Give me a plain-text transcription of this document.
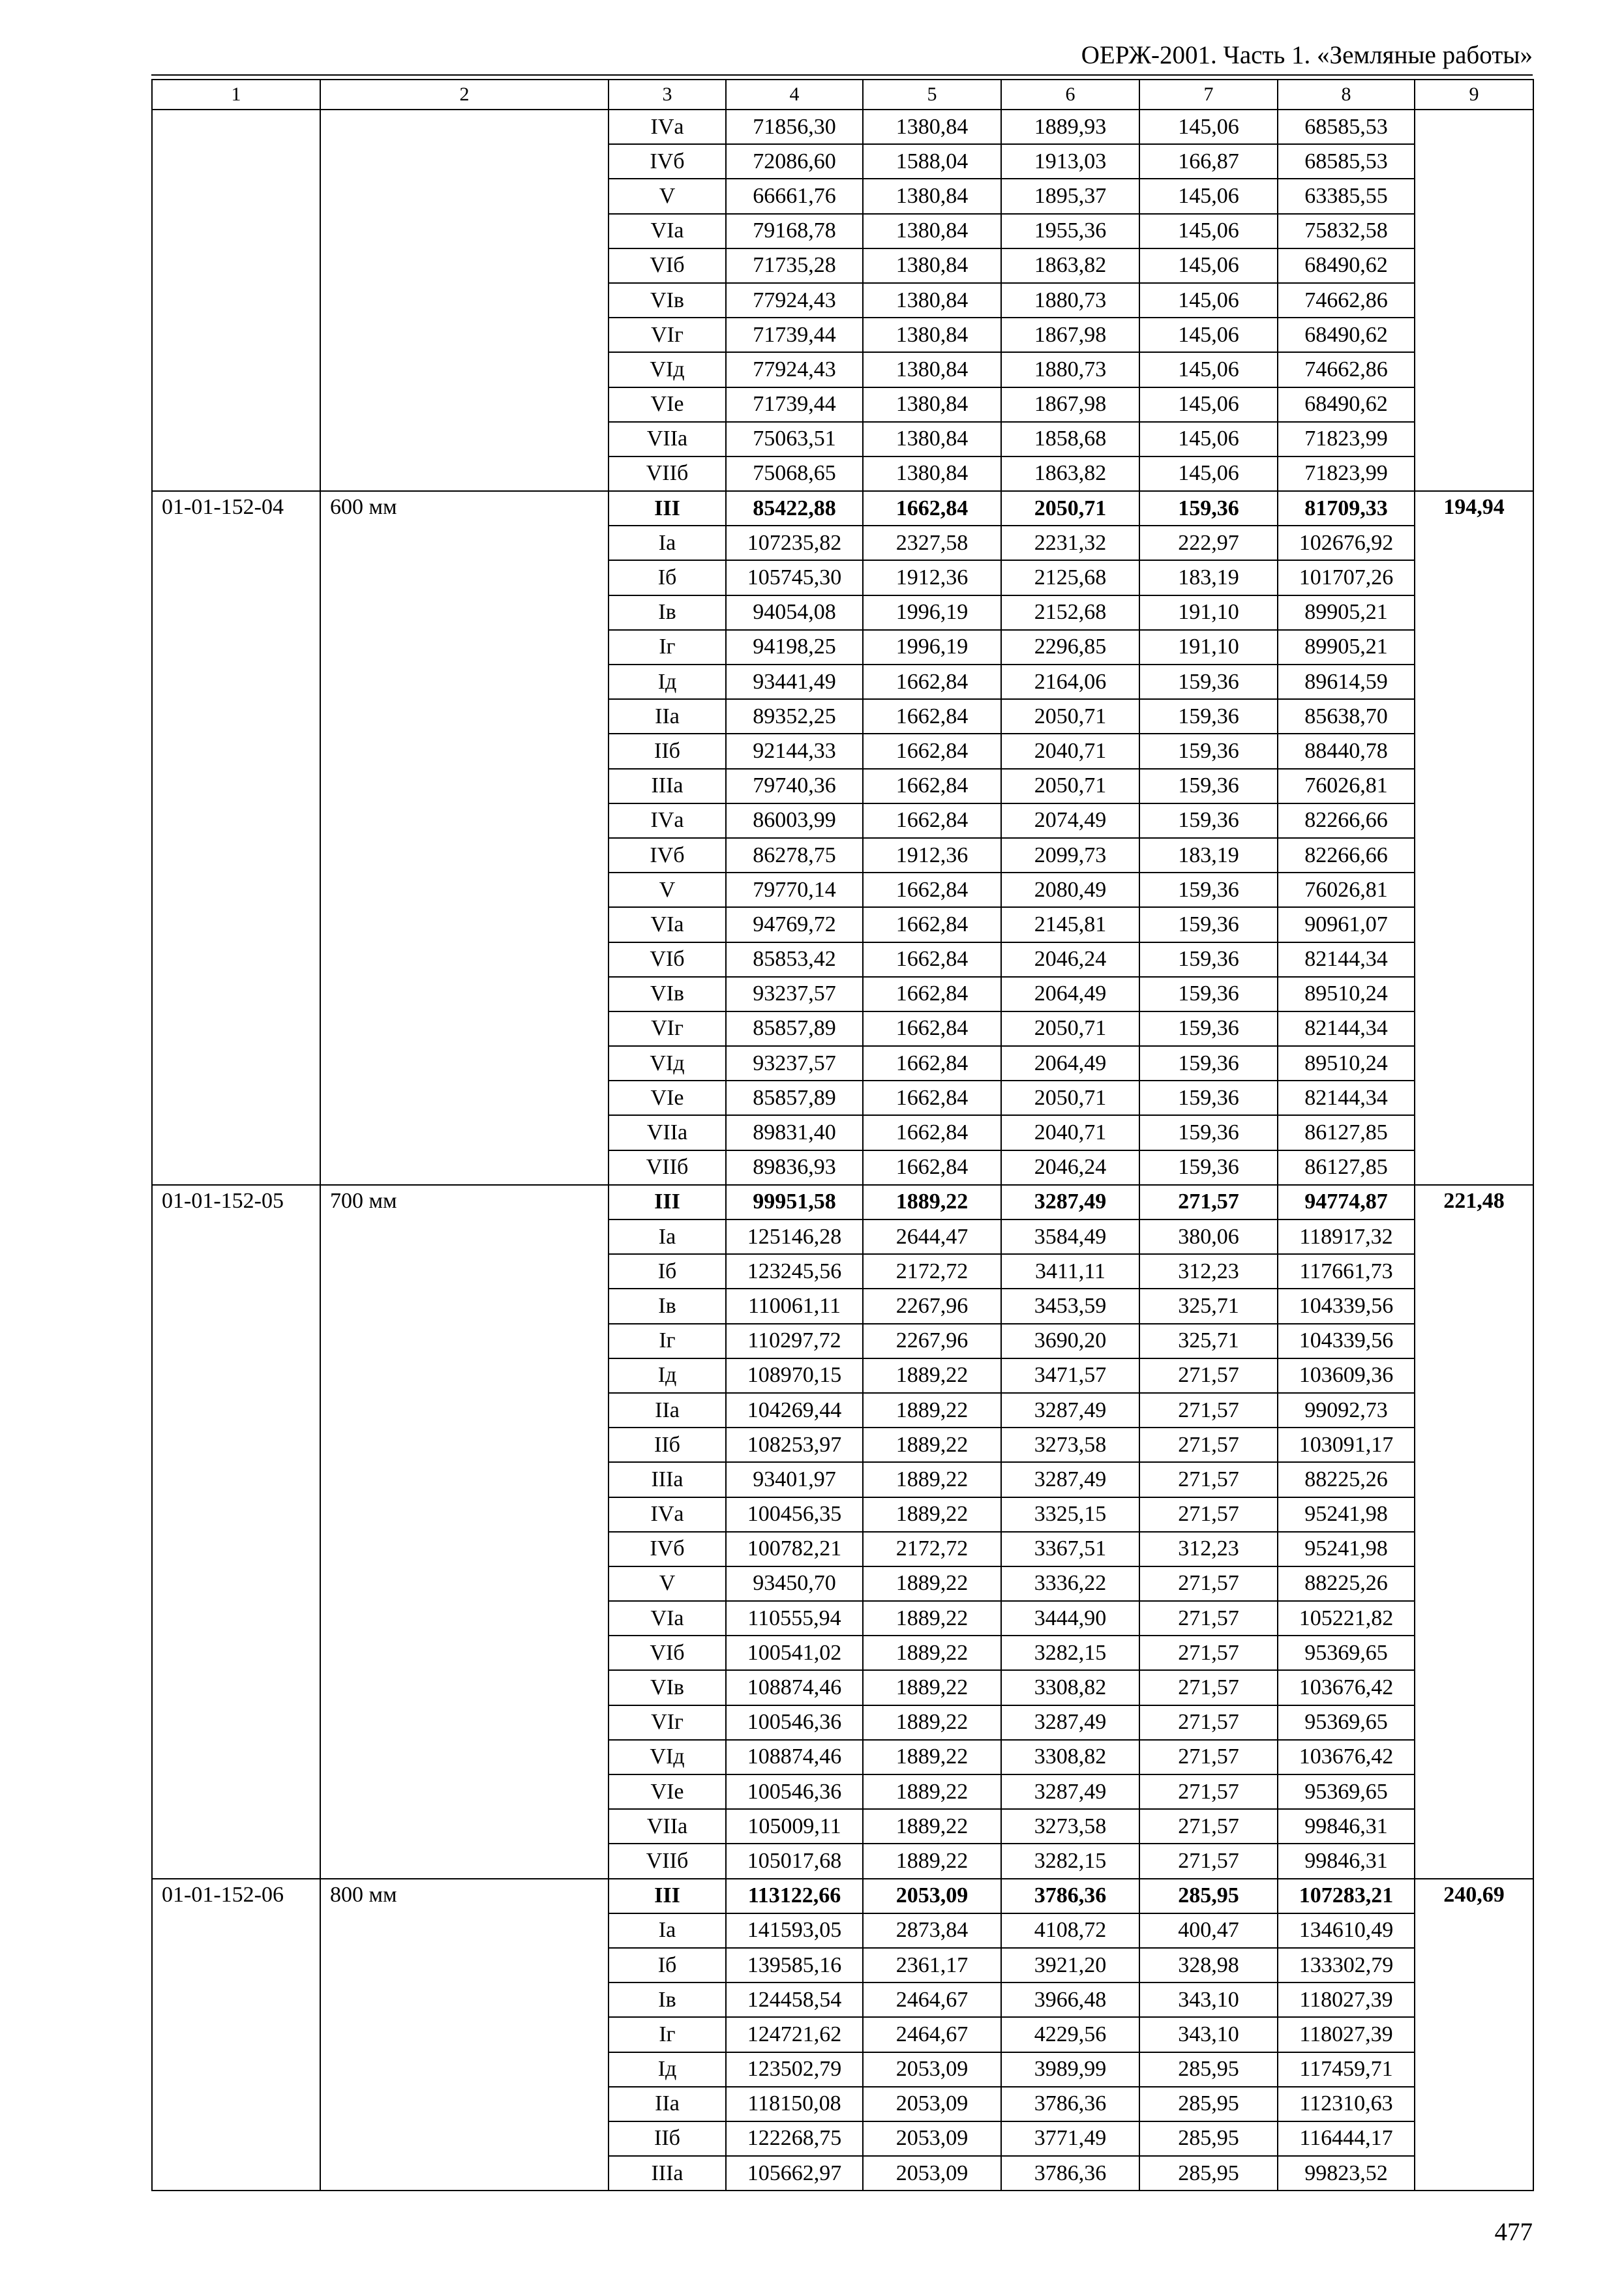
ОЕРЖ-2001. Часть 1. «Земляные работы»
1	2	3	4	5	6	7	8	9
		IVа	71856,30	1380,84	1889,93	145,06	68585,53	
		IVб	72086,60	1588,04	1913,03	166,87	68585,53	
		V	66661,76	1380,84	1895,37	145,06	63385,55	
		VIа	79168,78	1380,84	1955,36	145,06	75832,58	
		VIб	71735,28	1380,84	1863,82	145,06	68490,62	
		VIв	77924,43	1380,84	1880,73	145,06	74662,86	
		VIг	71739,44	1380,84	1867,98	145,06	68490,62	
		VIд	77924,43	1380,84	1880,73	145,06	74662,86	
		VIе	71739,44	1380,84	1867,98	145,06	68490,62	
		VIIа	75063,51	1380,84	1858,68	145,06	71823,99	
		VIIб	75068,65	1380,84	1863,82	145,06	71823,99	
01-01-152-04	600 мм	III	85422,88	1662,84	2050,71	159,36	81709,33	194,94
		Iа	107235,82	2327,58	2231,32	222,97	102676,92	
		Iб	105745,30	1912,36	2125,68	183,19	101707,26	
		Iв	94054,08	1996,19	2152,68	191,10	89905,21	
		Iг	94198,25	1996,19	2296,85	191,10	89905,21	
		Iд	93441,49	1662,84	2164,06	159,36	89614,59	
		IIа	89352,25	1662,84	2050,71	159,36	85638,70	
		IIб	92144,33	1662,84	2040,71	159,36	88440,78	
		IIIа	79740,36	1662,84	2050,71	159,36	76026,81	
		IVа	86003,99	1662,84	2074,49	159,36	82266,66	
		IVб	86278,75	1912,36	2099,73	183,19	82266,66	
		V	79770,14	1662,84	2080,49	159,36	76026,81	
		VIа	94769,72	1662,84	2145,81	159,36	90961,07	
		VIб	85853,42	1662,84	2046,24	159,36	82144,34	
		VIв	93237,57	1662,84	2064,49	159,36	89510,24	
		VIг	85857,89	1662,84	2050,71	159,36	82144,34	
		VIд	93237,57	1662,84	2064,49	159,36	89510,24	
		VIе	85857,89	1662,84	2050,71	159,36	82144,34	
		VIIа	89831,40	1662,84	2040,71	159,36	86127,85	
		VIIб	89836,93	1662,84	2046,24	159,36	86127,85	
01-01-152-05	700 мм	III	99951,58	1889,22	3287,49	271,57	94774,87	221,48
		Iа	125146,28	2644,47	3584,49	380,06	118917,32	
		Iб	123245,56	2172,72	3411,11	312,23	117661,73	
		Iв	110061,11	2267,96	3453,59	325,71	104339,56	
		Iг	110297,72	2267,96	3690,20	325,71	104339,56	
		Iд	108970,15	1889,22	3471,57	271,57	103609,36	
		IIа	104269,44	1889,22	3287,49	271,57	99092,73	
		IIб	108253,97	1889,22	3273,58	271,57	103091,17	
		IIIа	93401,97	1889,22	3287,49	271,57	88225,26	
		IVа	100456,35	1889,22	3325,15	271,57	95241,98	
		IVб	100782,21	2172,72	3367,51	312,23	95241,98	
		V	93450,70	1889,22	3336,22	271,57	88225,26	
		VIа	110555,94	1889,22	3444,90	271,57	105221,82	
		VIб	100541,02	1889,22	3282,15	271,57	95369,65	
		VIв	108874,46	1889,22	3308,82	271,57	103676,42	
		VIг	100546,36	1889,22	3287,49	271,57	95369,65	
		VIд	108874,46	1889,22	3308,82	271,57	103676,42	
		VIе	100546,36	1889,22	3287,49	271,57	95369,65	
		VIIа	105009,11	1889,22	3273,58	271,57	99846,31	
		VIIб	105017,68	1889,22	3282,15	271,57	99846,31	
01-01-152-06	800 мм	III	113122,66	2053,09	3786,36	285,95	107283,21	240,69
		Iа	141593,05	2873,84	4108,72	400,47	134610,49	
		Iб	139585,16	2361,17	3921,20	328,98	133302,79	
		Iв	124458,54	2464,67	3966,48	343,10	118027,39	
		Iг	124721,62	2464,67	4229,56	343,10	118027,39	
		Iд	123502,79	2053,09	3989,99	285,95	117459,71	
		IIа	118150,08	2053,09	3786,36	285,95	112310,63	
		IIб	122268,75	2053,09	3771,49	285,95	116444,17	
		IIIа	105662,97	2053,09	3786,36	285,95	99823,52	
477
